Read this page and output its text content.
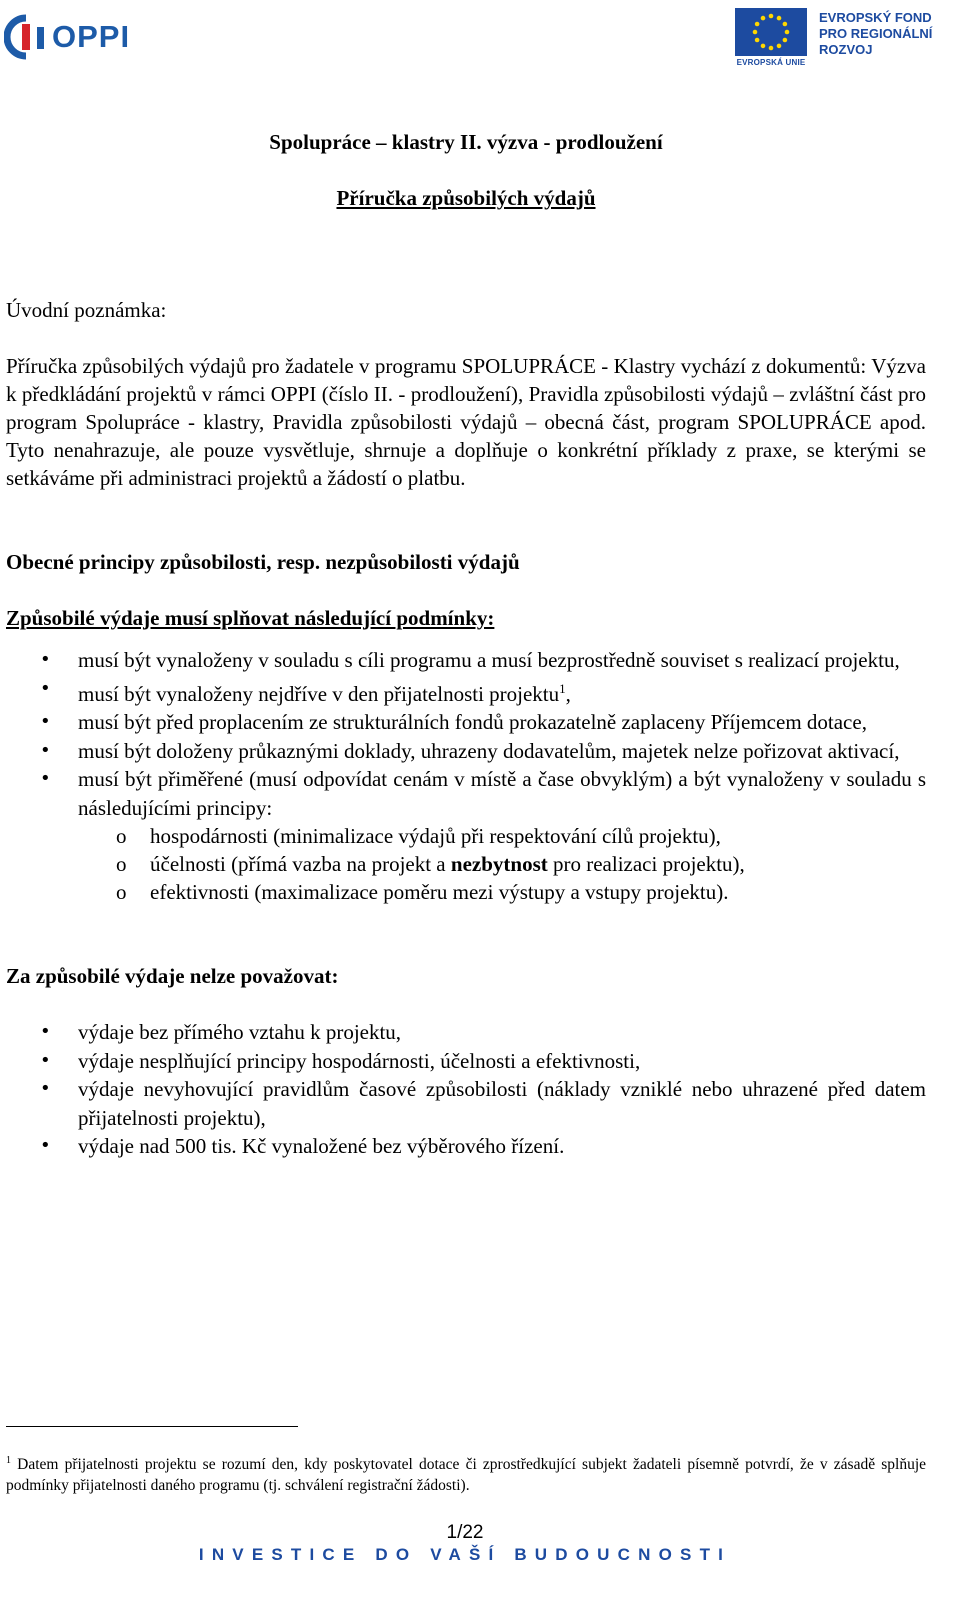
OPPI
EVROPSKÁ UNIE
EVROPSKÝ FOND
PRO REGIONÁLNÍ
ROZVOJ

Spolupráce – klastry II. výzva - prodloužení

Příručka způsobilých výdajů

Úvodní poznámka:

Příručka způsobilých výdajů pro žadatele v programu SPOLUPRÁCE - Klastry vychází z dokumentů: Výzva k předkládání projektů v rámci OPPI (číslo II. - prodloužení), Pravidla způsobilosti výdajů – zvláštní část pro program Spolupráce - klastry, Pravidla způsobilosti výdajů – obecná část, program SPOLUPRÁCE apod. Tyto nenahrazuje, ale pouze vysvětluje, shrnuje a doplňuje o konkrétní příklady z praxe, se kterými se setkáváme při administraci projektů a žádostí o platbu.

Obecné principy způsobilosti, resp. nezpůsobilosti výdajů

Způsobilé výdaje musí splňovat následující podmínky:

• musí být vynaloženy v souladu s cíli programu a musí bezprostředně souviset s realizací projektu,
• musí být vynaloženy nejdříve v den přijatelnosti projektu$^1$,
• musí být před proplacením ze strukturálních fondů prokazatelně zaplaceny Příjemcem dotace,
• musí být doloženy průkaznými doklady, uhrazeny dodavatelům, majetek nelze pořizovat aktivací,
• musí být přiměřené (musí odpovídat cenám v místě a čase obvyklým) a být vynaloženy v souladu s následujícími principy:
o hospodárnosti (minimalizace výdajů při respektování cílů projektu),
o účelnosti (přímá vazba na projekt a nezbytnost pro realizaci projektu),
o efektivnosti (maximalizace poměru mezi výstupy a vstupy projektu).

Za způsobilé výdaje nelze považovat:

• výdaje bez přímého vztahu k projektu,
• výdaje nesplňující principy hospodárnosti, účelnosti a efektivnosti,
• výdaje nevyhovující pravidlům časové způsobilosti (náklady vzniklé nebo uhrazené před datem přijatelnosti projektu),
• výdaje nad 500 tis. Kč vynaložené bez výběrového řízení.
$^1$ Datem přijatelnosti projektu se rozumí den, kdy poskytovatel dotace či zprostředkující subjekt žadateli písemně potvrdí, že v zásadě splňuje podmínky přijatelnosti daného programu (tj. schválení registrační žádosti).
1/22
INVESTICE DO VAŠÍ BUDOUCNOSTI
